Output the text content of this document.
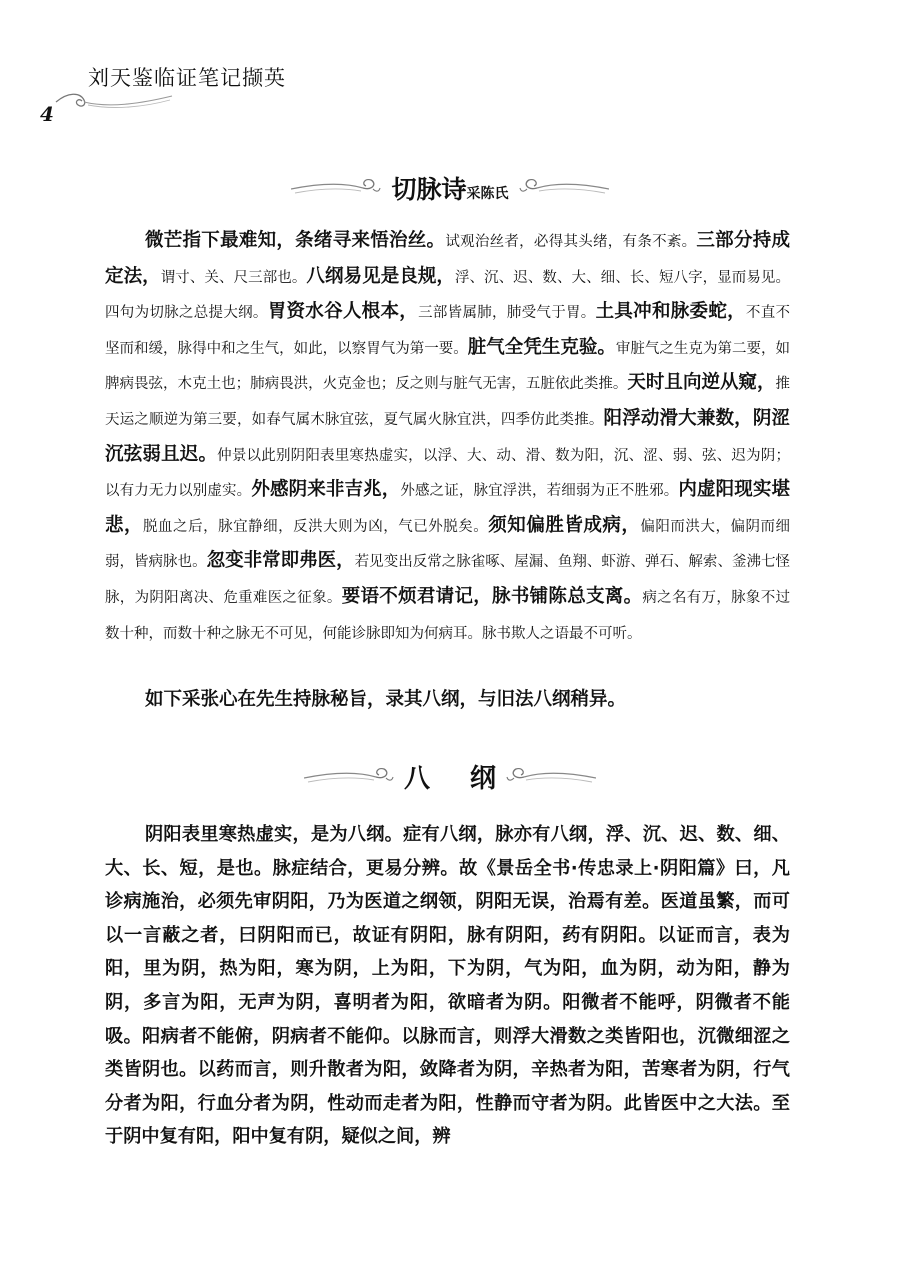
刘天鉴临证笔记撷英
4
切脉诗采陈氏

微芒指下最难知，条绪寻来悟治丝。试观治丝者，必得其头绪，有条不紊。三部分持成定法，谓寸、关、尺三部也。八纲易见是良规，浮、沉、迟、数、大、细、长、短八字，显而易见。四句为切脉之总提大纲。胃资水谷人根本，三部皆属肺，肺受气于胃。土具冲和脉委蛇，不直不坚而和缓，脉得中和之生气，如此，以察胃气为第一要。脏气全凭生克验。审脏气之生克为第二要，如脾病畏弦，木克土也；肺病畏洪，火克金也；反之则与脏气无害，五脏依此类推。天时且向逆从窥，推天运之顺逆为第三要，如春气属木脉宜弦，夏气属火脉宜洪，四季仿此类推。阳浮动滑大兼数，阴涩沉弦弱且迟。仲景以此别阴阳表里寒热虚实，以浮、大、动、滑、数为阳，沉、涩、弱、弦、迟为阴；以有力无力以别虚实。外感阴来非吉兆，外感之证，脉宜浮洪，若细弱为正不胜邪。内虚阳现实堪悲，脱血之后，脉宜静细，反洪大则为凶，气已外脱矣。须知偏胜皆成病，偏阳而洪大，偏阴而细弱，皆病脉也。忽变非常即弗医，若见变出反常之脉雀啄、屋漏、鱼翔、虾游、弹石、解索、釜沸七怪脉，为阴阳离决、危重难医之征象。要语不烦君请记，脉书铺陈总支离。病之名有万，脉象不过数十种，而数十种之脉无不可见，何能诊脉即知为何病耳。脉书欺人之语最不可听。

如下采张心在先生持脉秘旨，录其八纲，与旧法八纲稍异。

八纲

阴阳表里寒热虚实，是为八纲。症有八纲，脉亦有八纲，浮、沉、迟、数、细、大、长、短，是也。脉症结合，更易分辨。故《景岳全书·传忠录上·阴阳篇》曰，凡诊病施治，必须先审阴阳，乃为医道之纲领，阴阳无误，治焉有差。医道虽繁，而可以一言蔽之者，曰阴阳而已，故证有阴阳，脉有阴阳，药有阴阳。以证而言，表为阳，里为阴，热为阳，寒为阴，上为阳，下为阴，气为阳，血为阴，动为阳，静为阴，多言为阳，无声为阴，喜明者为阳，欲暗者为阴。阳微者不能呼，阴微者不能吸。阳病者不能俯，阴病者不能仰。以脉而言，则浮大滑数之类皆阳也，沉微细涩之类皆阴也。以药而言，则升散者为阳，敛降者为阴，辛热者为阳，苦寒者为阴，行气分者为阳，行血分者为阴，性动而走者为阳，性静而守者为阴。此皆医中之大法。至于阴中复有阳，阳中复有阴，疑似之间，辨
